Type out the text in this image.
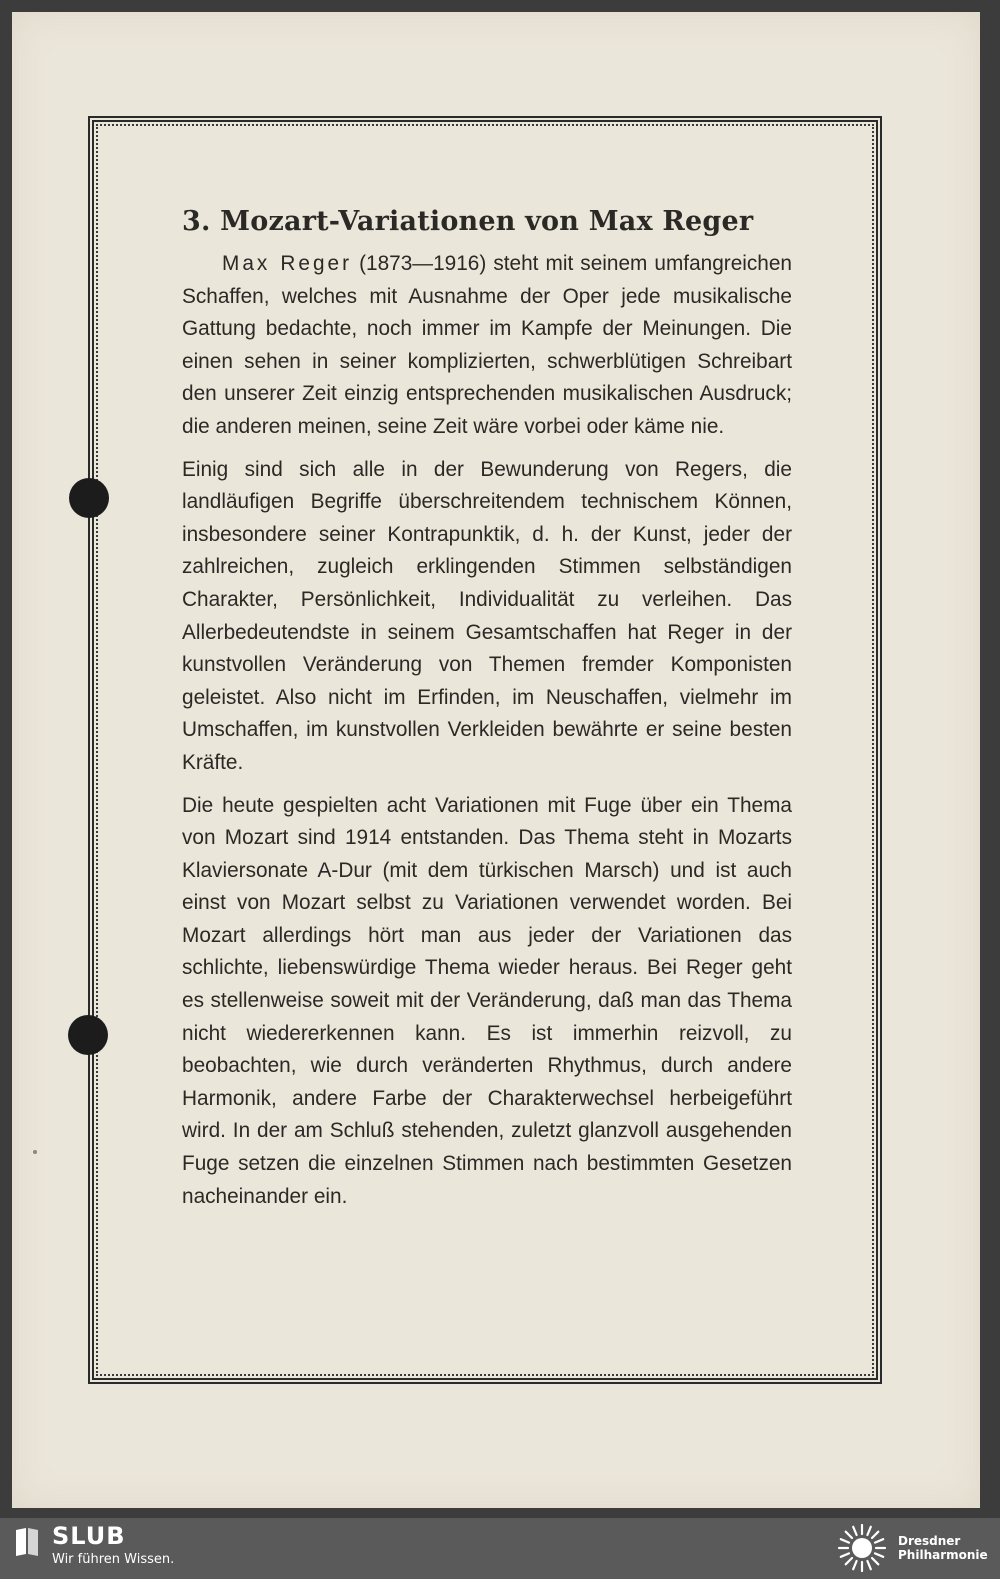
3. Mozart-Variationen von Max Reger

Max Reger (1873—1916) steht mit seinem umfangreichen Schaffen, welches mit Ausnahme der Oper jede musikalische Gattung bedachte, noch immer im Kampfe der Meinungen. Die einen sehen in seiner komplizierten, schwerblütigen Schreibart den unserer Zeit einzig entsprechenden musikalischen Ausdruck; die anderen meinen, seine Zeit wäre vorbei oder käme nie.

Einig sind sich alle in der Bewunderung von Regers, die landläufigen Begriffe überschreitendem technischem Können, insbesondere seiner Kontrapunktik, d. h. der Kunst, jeder der zahlreichen, zugleich erklingenden Stimmen selbständigen Charakter, Persönlichkeit, Individualität zu verleihen. Das Allerbedeutendste in seinem Gesamtschaffen hat Reger in der kunstvollen Veränderung von Themen fremder Komponisten geleistet. Also nicht im Erfinden, im Neuschaffen, vielmehr im Umschaffen, im kunstvollen Verkleiden bewährte er seine besten Kräfte.

Die heute gespielten acht Variationen mit Fuge über ein Thema von Mozart sind 1914 entstanden. Das Thema steht in Mozarts Klaviersonate A-Dur (mit dem türkischen Marsch) und ist auch einst von Mozart selbst zu Variationen verwendet worden. Bei Mozart allerdings hört man aus jeder der Variationen das schlichte, liebenswürdige Thema wieder heraus. Bei Reger geht es stellenweise soweit mit der Veränderung, daß man das Thema nicht wiedererkennen kann. Es ist immerhin reizvoll, zu beobachten, wie durch veränderten Rhythmus, durch andere Harmonik, andere Farbe der Charakterwechsel herbeigeführt wird. In der am Schluß stehenden, zuletzt glanzvoll ausgehenden Fuge setzen die einzelnen Stimmen nach bestimmten Gesetzen nacheinander ein.

SLUB
Wir führen Wissen.
Dresdner
Philharmonie
